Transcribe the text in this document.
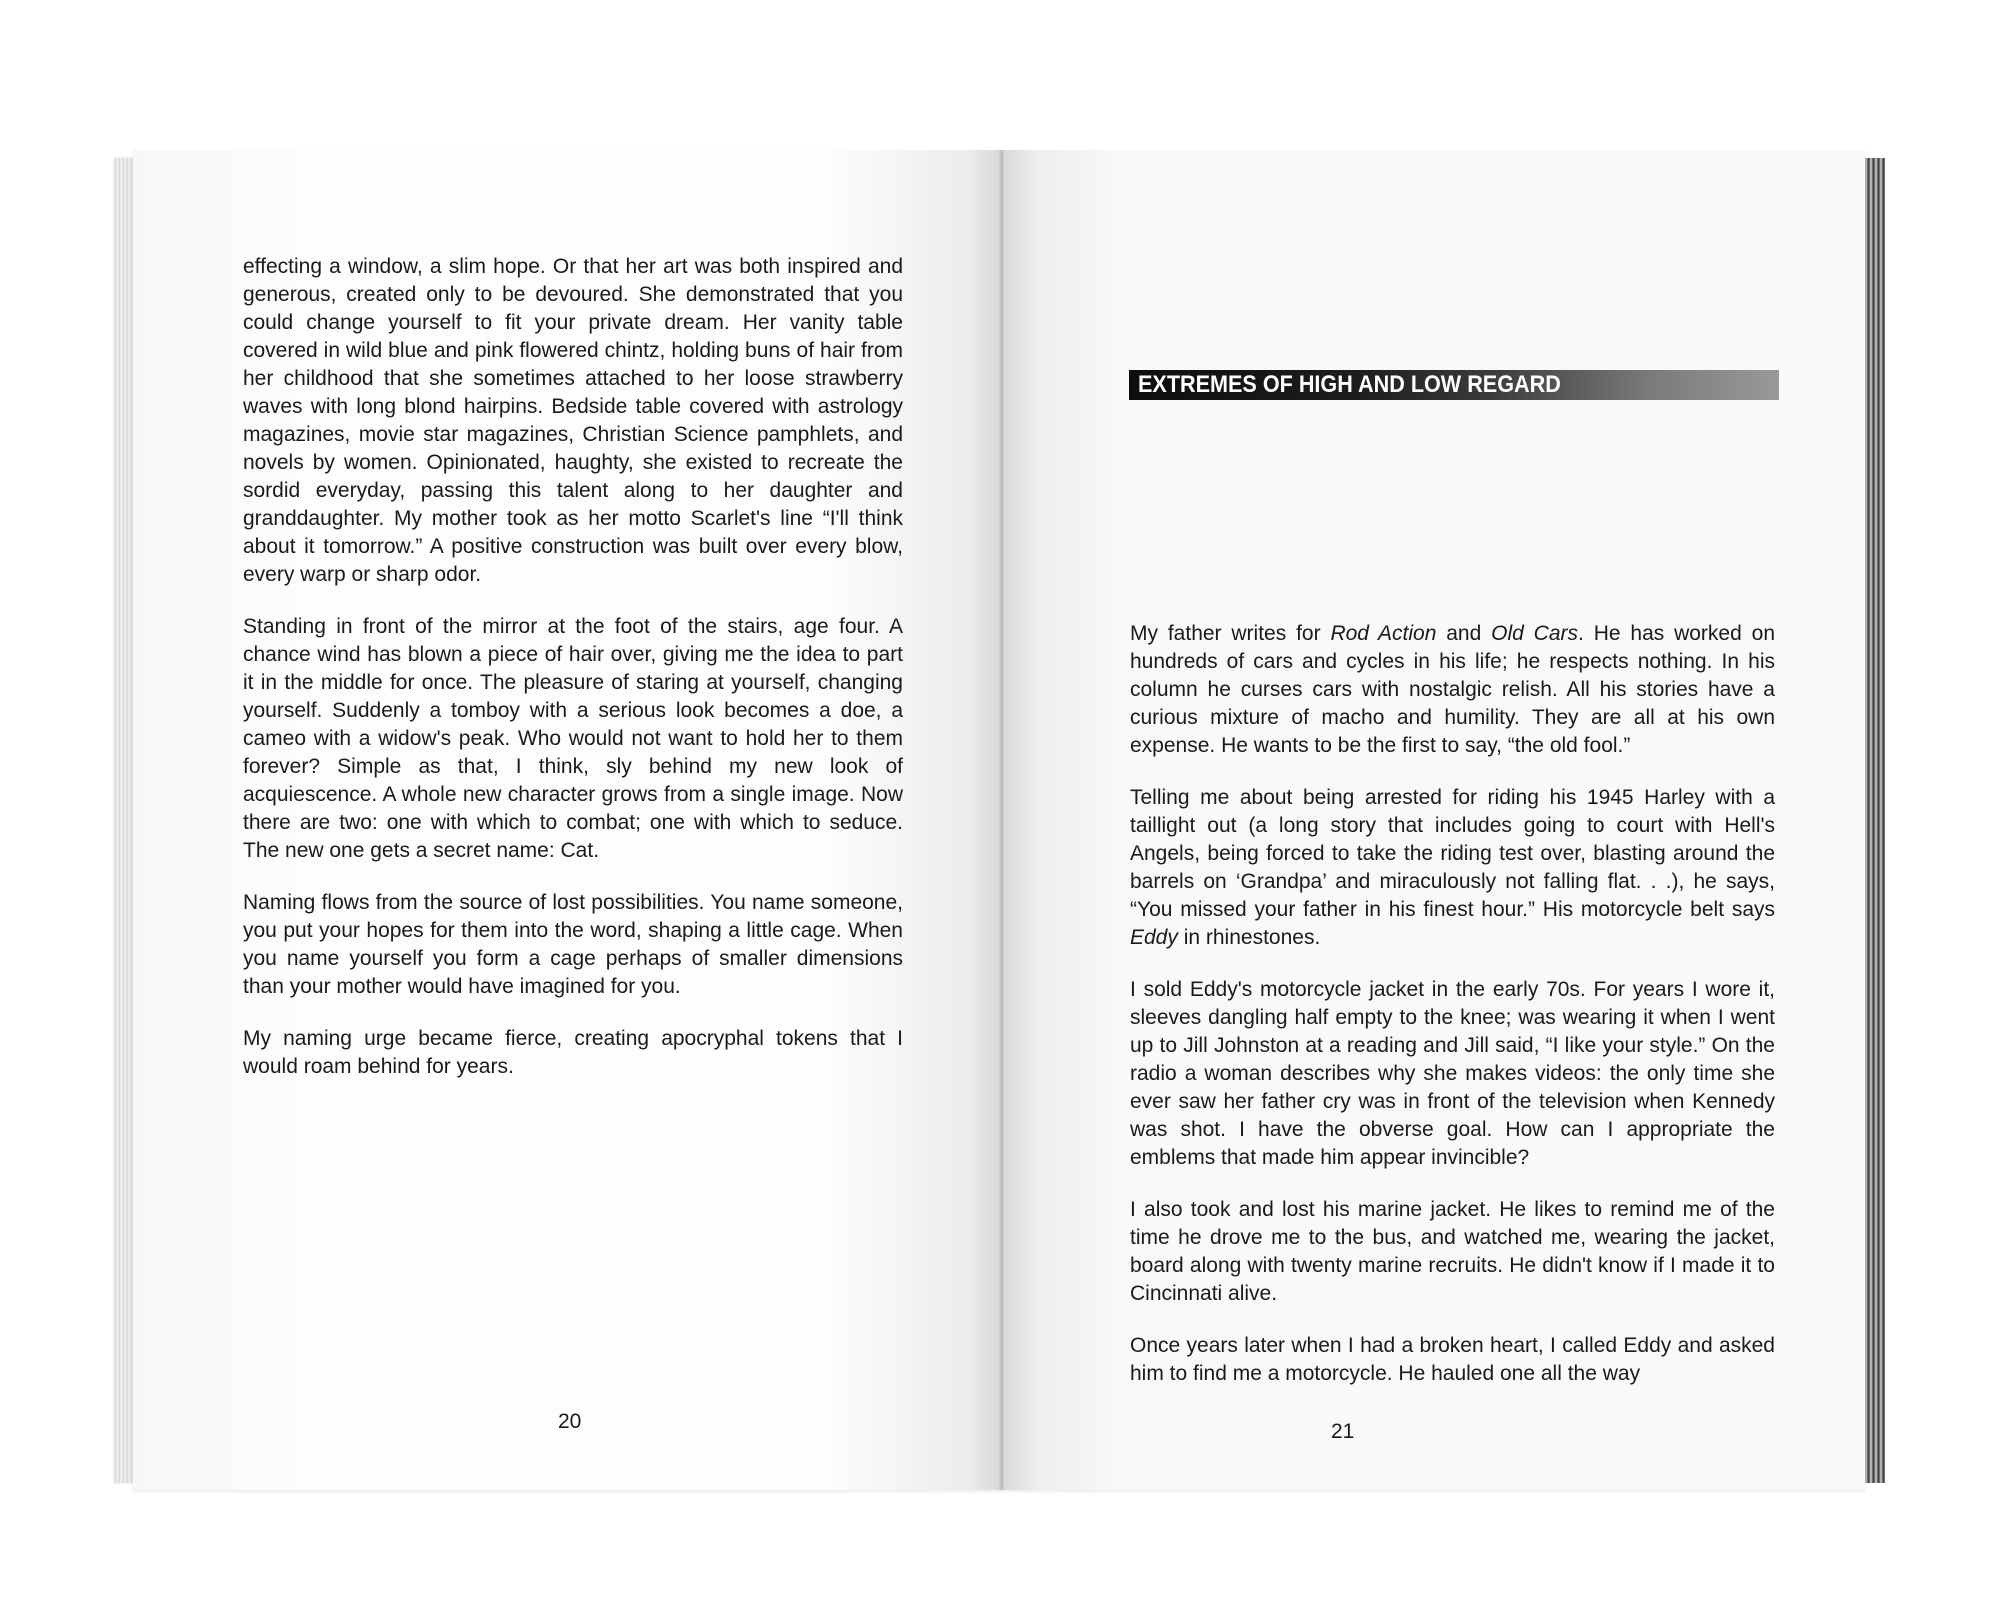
effecting a window, a slim hope. Or that her art was both inspired and generous, created only to be devoured. She demonstrated that you could change yourself to fit your private dream. Her vanity table covered in wild blue and pink flowered chintz, holding buns of hair from her childhood that she sometimes attached to her loose strawberry waves with long blond hairpins. Bedside table covered with astrology magazines, movie star magazines, Christian Science pamphlets, and novels by women. Opinionated, haughty, she existed to recreate the sordid everyday, passing this talent along to her daughter and granddaughter. My mother took as her motto Scarlet's line “I'll think about it tomorrow.” A positive construction was built over every blow, every warp or sharp odor.

Standing in front of the mirror at the foot of the stairs, age four. A chance wind has blown a piece of hair over, giving me the idea to part it in the middle for once. The pleasure of staring at yourself, changing yourself. Suddenly a tomboy with a serious look becomes a doe, a cameo with a widow's peak. Who would not want to hold her to them forever? Simple as that, I think, sly behind my new look of acquiescence. A whole new character grows from a single image. Now there are two: one with which to combat; one with which to seduce. The new one gets a secret name: Cat.

Naming flows from the source of lost possibilities. You name someone, you put your hopes for them into the word, shaping a little cage. When you name yourself you form a cage perhaps of smaller dimensions than your mother would have imagined for you.

My naming urge became fierce, creating apocryphal tokens that I would roam behind for years.

20
EXTREMES OF HIGH AND LOW REGARD

My father writes for Rod Action and Old Cars. He has worked on hundreds of cars and cycles in his life; he respects nothing. In his column he curses cars with nostalgic relish. All his stories have a curious mixture of macho and humility. They are all at his own expense. He wants to be the first to say, “the old fool.”

Telling me about being arrested for riding his 1945 Harley with a taillight out (a long story that includes going to court with Hell's Angels, being forced to take the riding test over, blasting around the barrels on ‘Grandpa’ and miraculously not falling flat. . .), he says, “You missed your father in his finest hour.” His motorcycle belt says Eddy in rhinestones.

I sold Eddy's motorcycle jacket in the early 70s. For years I wore it, sleeves dangling half empty to the knee; was wearing it when I went up to Jill Johnston at a reading and Jill said, “I like your style.” On the radio a woman describes why she makes videos: the only time she ever saw her father cry was in front of the television when Kennedy was shot. I have the obverse goal. How can I appropriate the emblems that made him appear invincible?

I also took and lost his marine jacket. He likes to remind me of the time he drove me to the bus, and watched me, wearing the jacket, board along with twenty marine recruits. He didn't know if I made it to Cincinnati alive.

Once years later when I had a broken heart, I called Eddy and asked him to find me a motorcycle. He hauled one all the way

21
